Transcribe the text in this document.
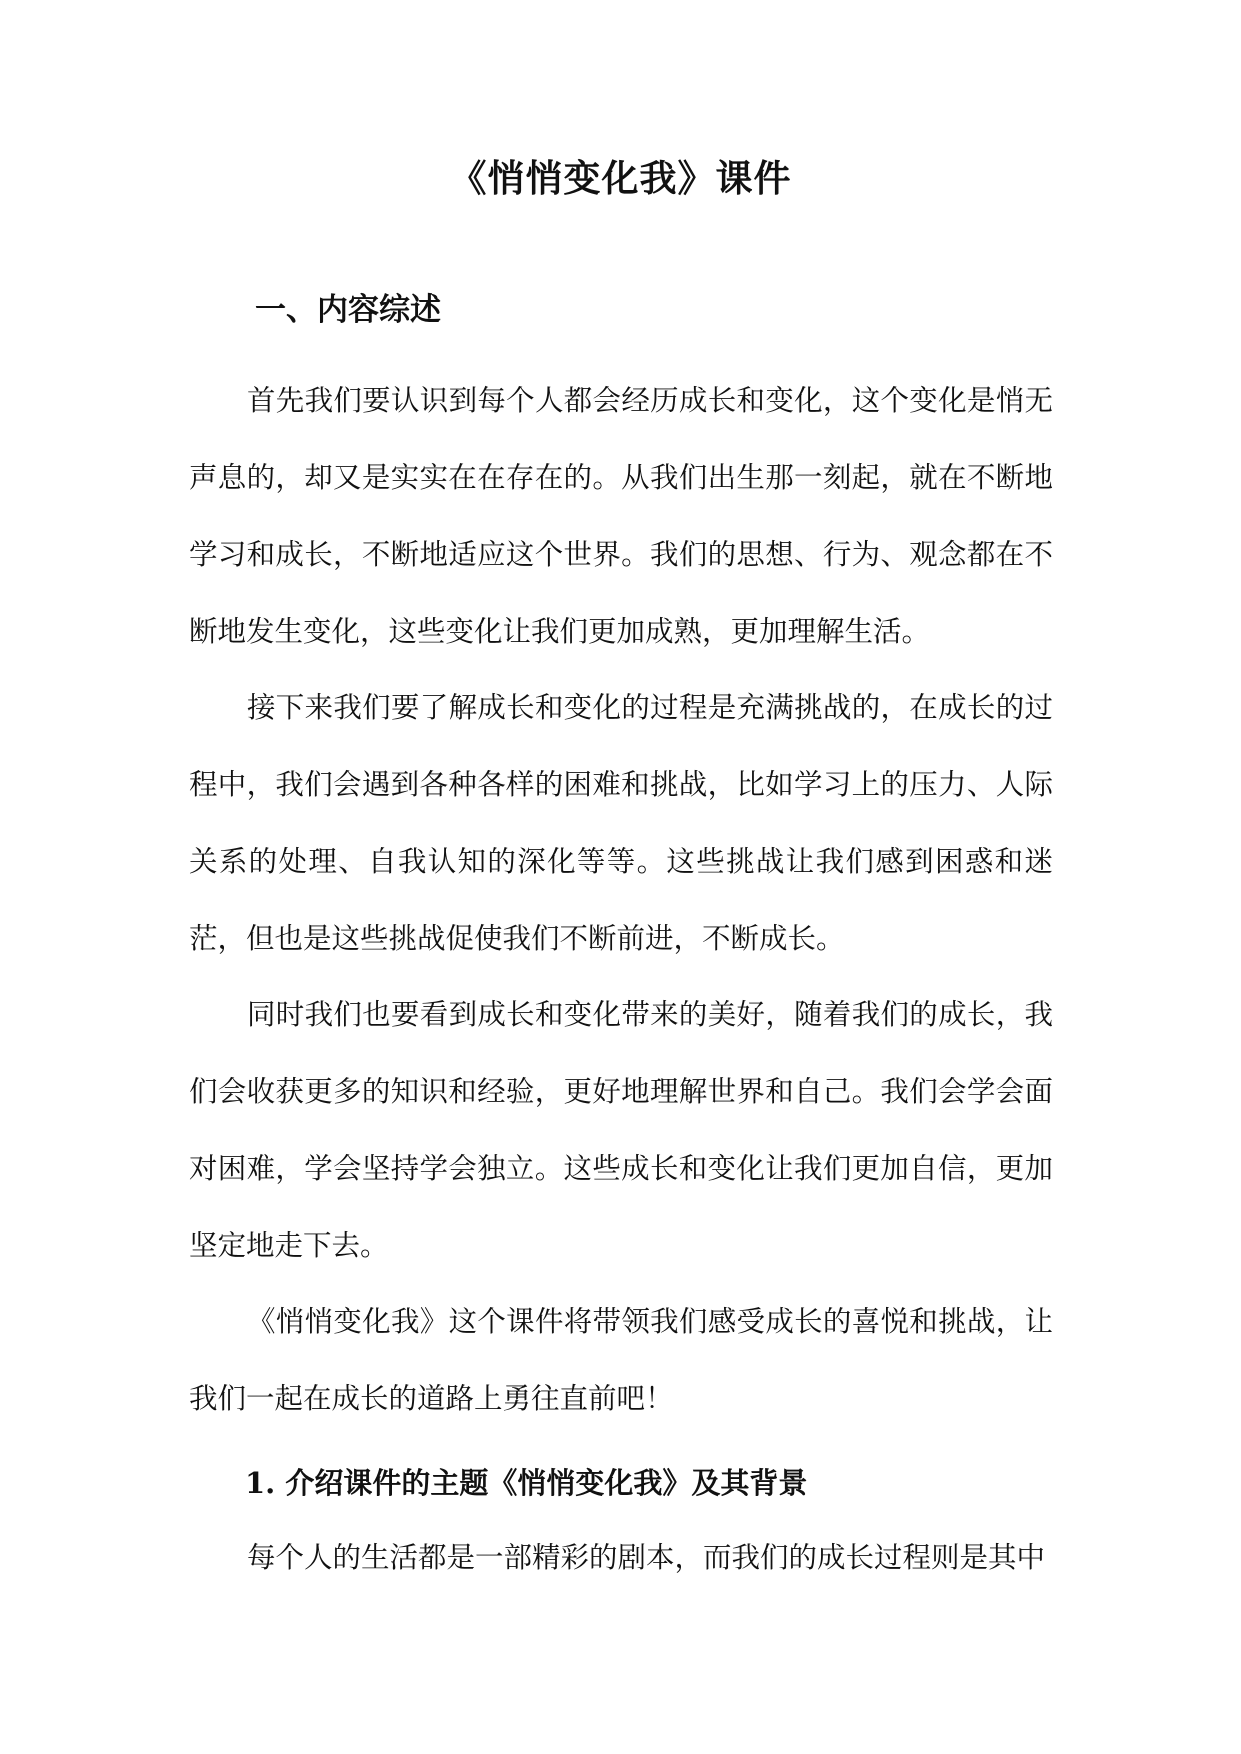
《悄悄变化我》课件
一、内容综述

首先我们要认识到每个人都会经历成长和变化，这个变化是悄无声息的，却又是实实在在存在的。从我们出生那一刻起，就在不断地学习和成长，不断地适应这个世界。我们的思想、行为、观念都在不断地发生变化，这些变化让我们更加成熟，更加理解生活。

接下来我们要了解成长和变化的过程是充满挑战的，在成长的过程中，我们会遇到各种各样的困难和挑战，比如学习上的压力、人际关系的处理、自我认知的深化等等。这些挑战让我们感到困惑和迷茫，但也是这些挑战促使我们不断前进，不断成长。

同时我们也要看到成长和变化带来的美好，随着我们的成长，我们会收获更多的知识和经验，更好地理解世界和自己。我们会学会面对困难，学会坚持学会独立。这些成长和变化让我们更加自信，更加坚定地走下去。

《悄悄变化我》这个课件将带领我们感受成长的喜悦和挑战，让我们一起在成长的道路上勇往直前吧！

1. 介绍课件的主题《悄悄变化我》及其背景

每个人的生活都是一部精彩的剧本，而我们的成长过程则是其中
